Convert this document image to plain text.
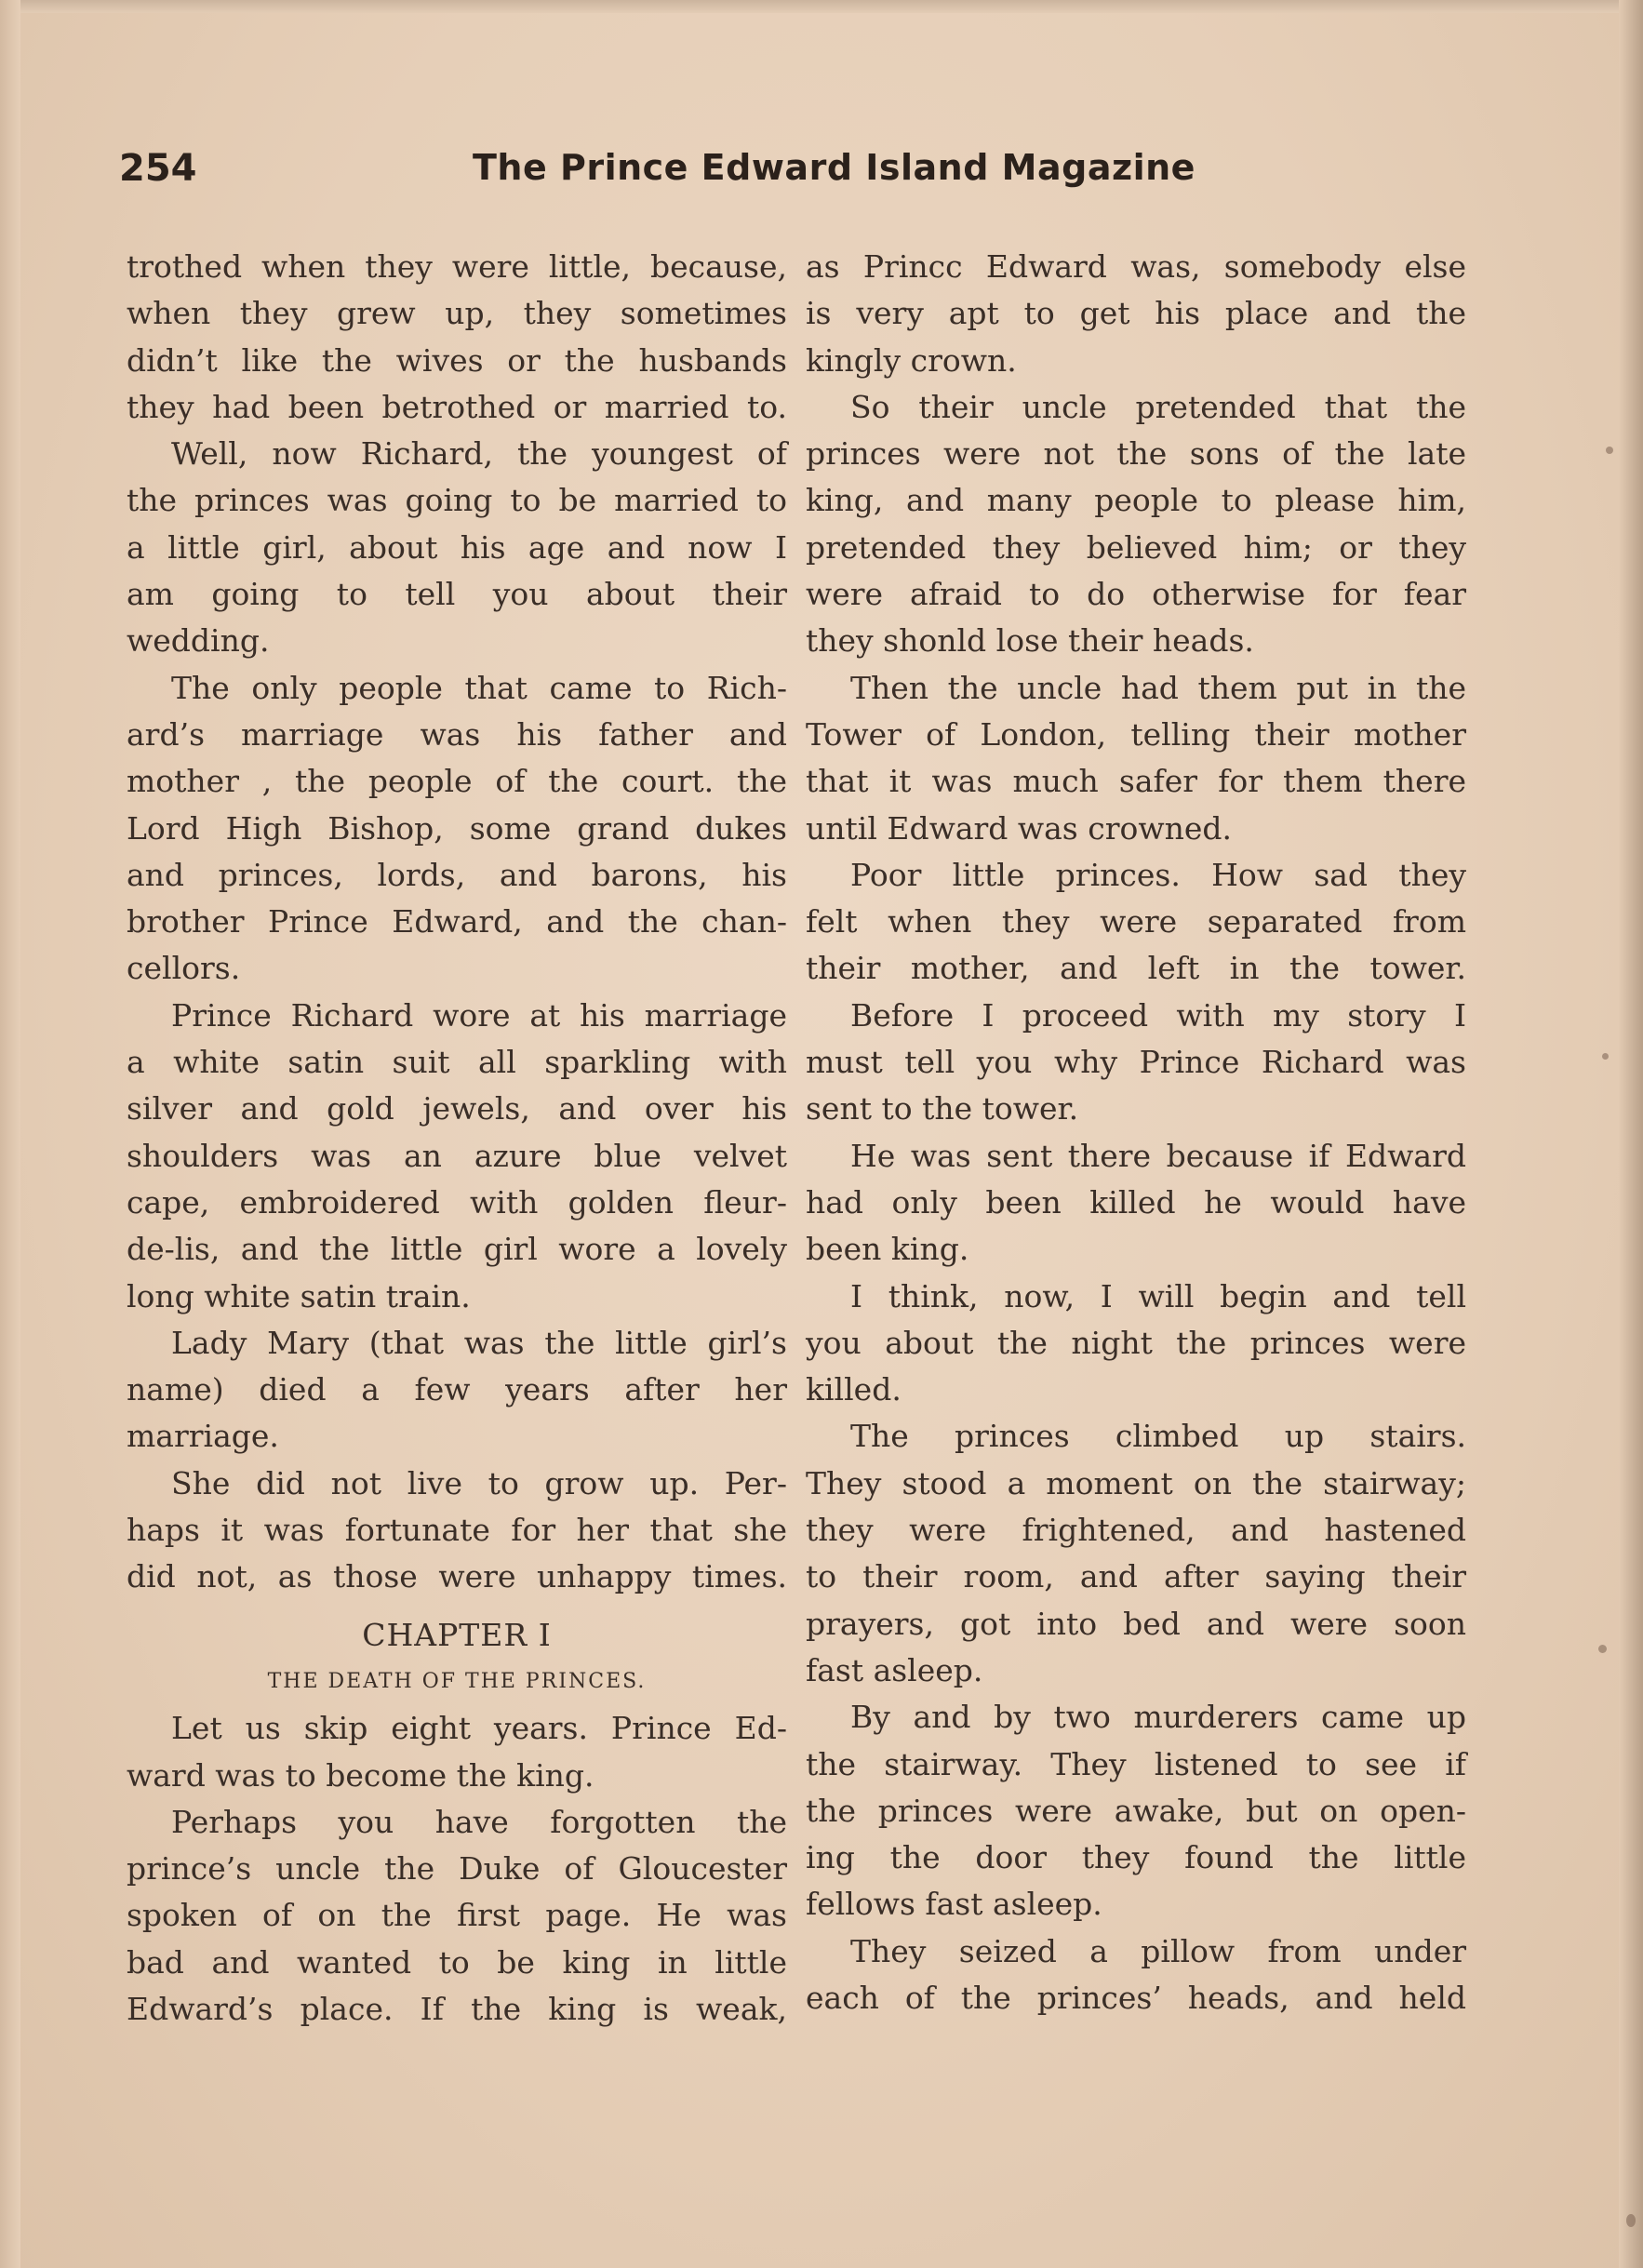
254	The Prince Edward Island Magazine
trothed when they were little, because,
when they grew up, they sometimes
didn’t like the wives or the husbands
they had been betrothed or married to.
Well, now Richard, the youngest of
the princes was going to be married to
a little girl, about his age and now I
am going to tell you about their
wedding.
The only people that came to Rich-
ard’s marriage was his father and
mother , the people of the court. the
Lord High Bishop, some grand dukes
and princes, lords, and barons, his
brother Prince Edward, and the chan-
cellors.
Prince Richard wore at his marriage
a white satin suit all sparkling with
silver and gold jewels, and over his
shoulders was an azure blue velvet
cape, embroidered with golden fleur-
de-lis, and the little girl wore a lovely
long white satin train.
Lady Mary (that was the little girl’s
name) died a few years after her
marriage.
She did not live to grow up. Per-
haps it was fortunate for her that she
did not, as those were unhappy times.
CHAPTER I
THE DEATH OF THE PRINCES.
Let us skip eight years. Prince Ed-
ward was to become the king.
Perhaps you have forgotten the
prince’s uncle the Duke of Gloucester
spoken of on the first page. He was
bad and wanted to be king in little
Edward’s place. If the king is weak,
as Princc Edward was, somebody else
is very apt to get his place and the
kingly crown.
So their uncle pretended that the
princes were not the sons of the late
king, and many people to please him,
pretended they believed him; or they
were afraid to do otherwise for fear
they shonld lose their heads.
Then the uncle had them put in the
Tower of London, telling their mother
that it was much safer for them there
until Edward was crowned.
Poor little princes. How sad they
felt when they were separated from
their mother, and left in the tower.
Before I proceed with my story I
must tell you why Prince Richard was
sent to the tower.
He was sent there because if Edward
had only been killed he would have
been king.
I think, now, I will begin and tell
you about the night the princes were
killed.
The princes climbed up stairs.
They stood a moment on the stairway;
they were frightened, and hastened
to their room, and after saying their
prayers, got into bed and were soon
fast asleep.
By and by two murderers came up
the stairway. They listened to see if
the princes were awake, but on open-
ing the door they found the little
fellows fast asleep.
They seized a pillow from under
each of the princes’ heads, and held
